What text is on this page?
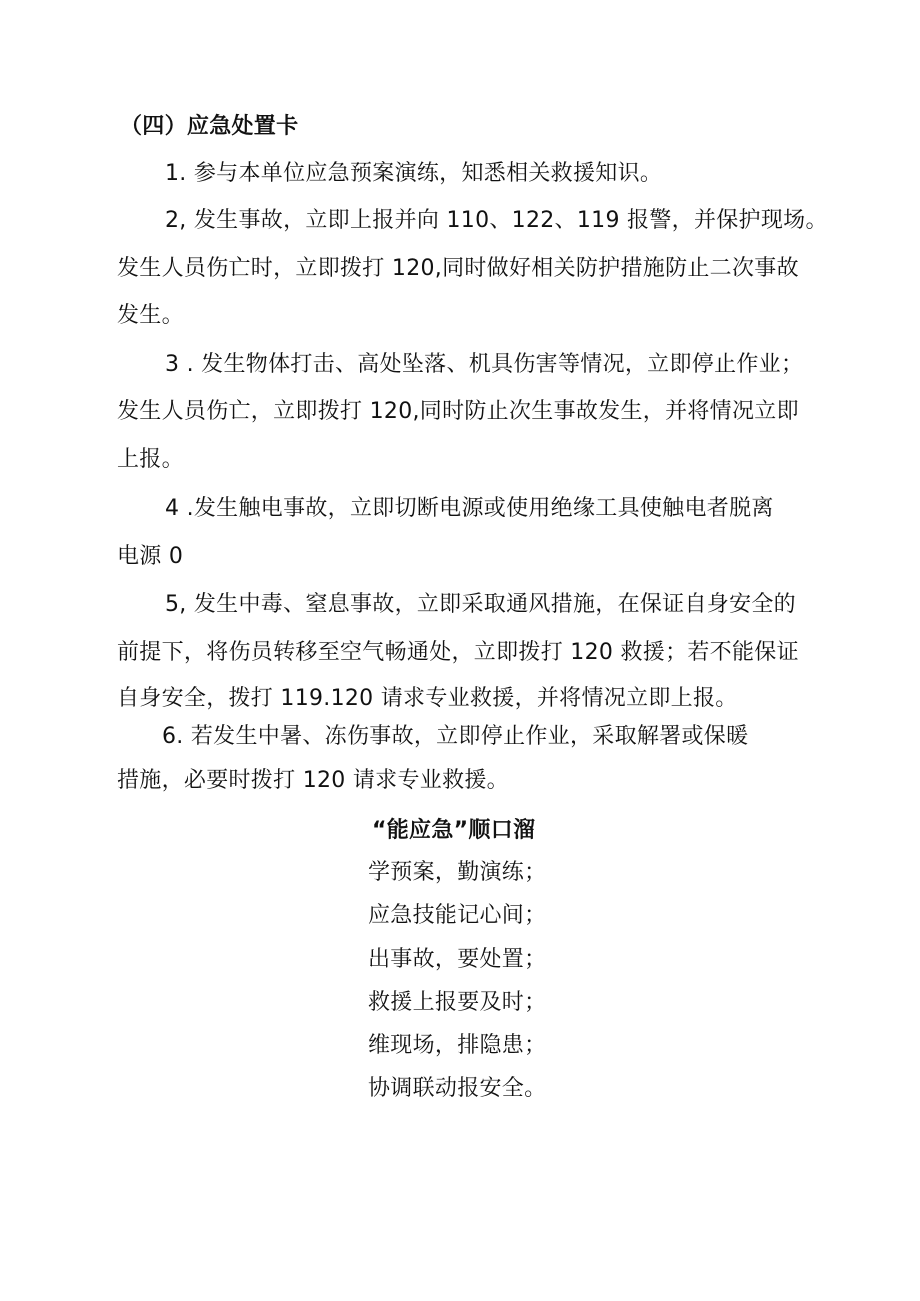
（四）应急处置卡
1. 参与本单位应急预案演练，知悉相关救援知识。
2, 发生事故，立即上报并向 110、122、119 报警，并保护现场。
发生人员伤亡时，立即拨打 120,同时做好相关防护措施防止二次事故
发生。
3 . 发生物体打击、高处坠落、机具伤害等情况，立即停止作业；
发生人员伤亡，立即拨打 120,同时防止次生事故发生，并将情况立即
上报。
4 .发生触电事故，立即切断电源或使用绝缘工具使触电者脱离
电源 0
5, 发生中毒、窒息事故，立即采取通风措施，在保证自身安全的
前提下，将伤员转移至空气畅通处，立即拨打 120 救援；若不能保证
自身安全，拨打 119.120 请求专业救援，并将情况立即上报。
6. 若发生中暑、冻伤事故，立即停止作业，采取解署或保暖
措施，必要时拨打 120 请求专业救援。
“能应急”顺口溜
学预案，勤演练；
应急技能记心间；
出事故，要处置；
救援上报要及时；
维现场，排隐患；
协调联动报安全。
